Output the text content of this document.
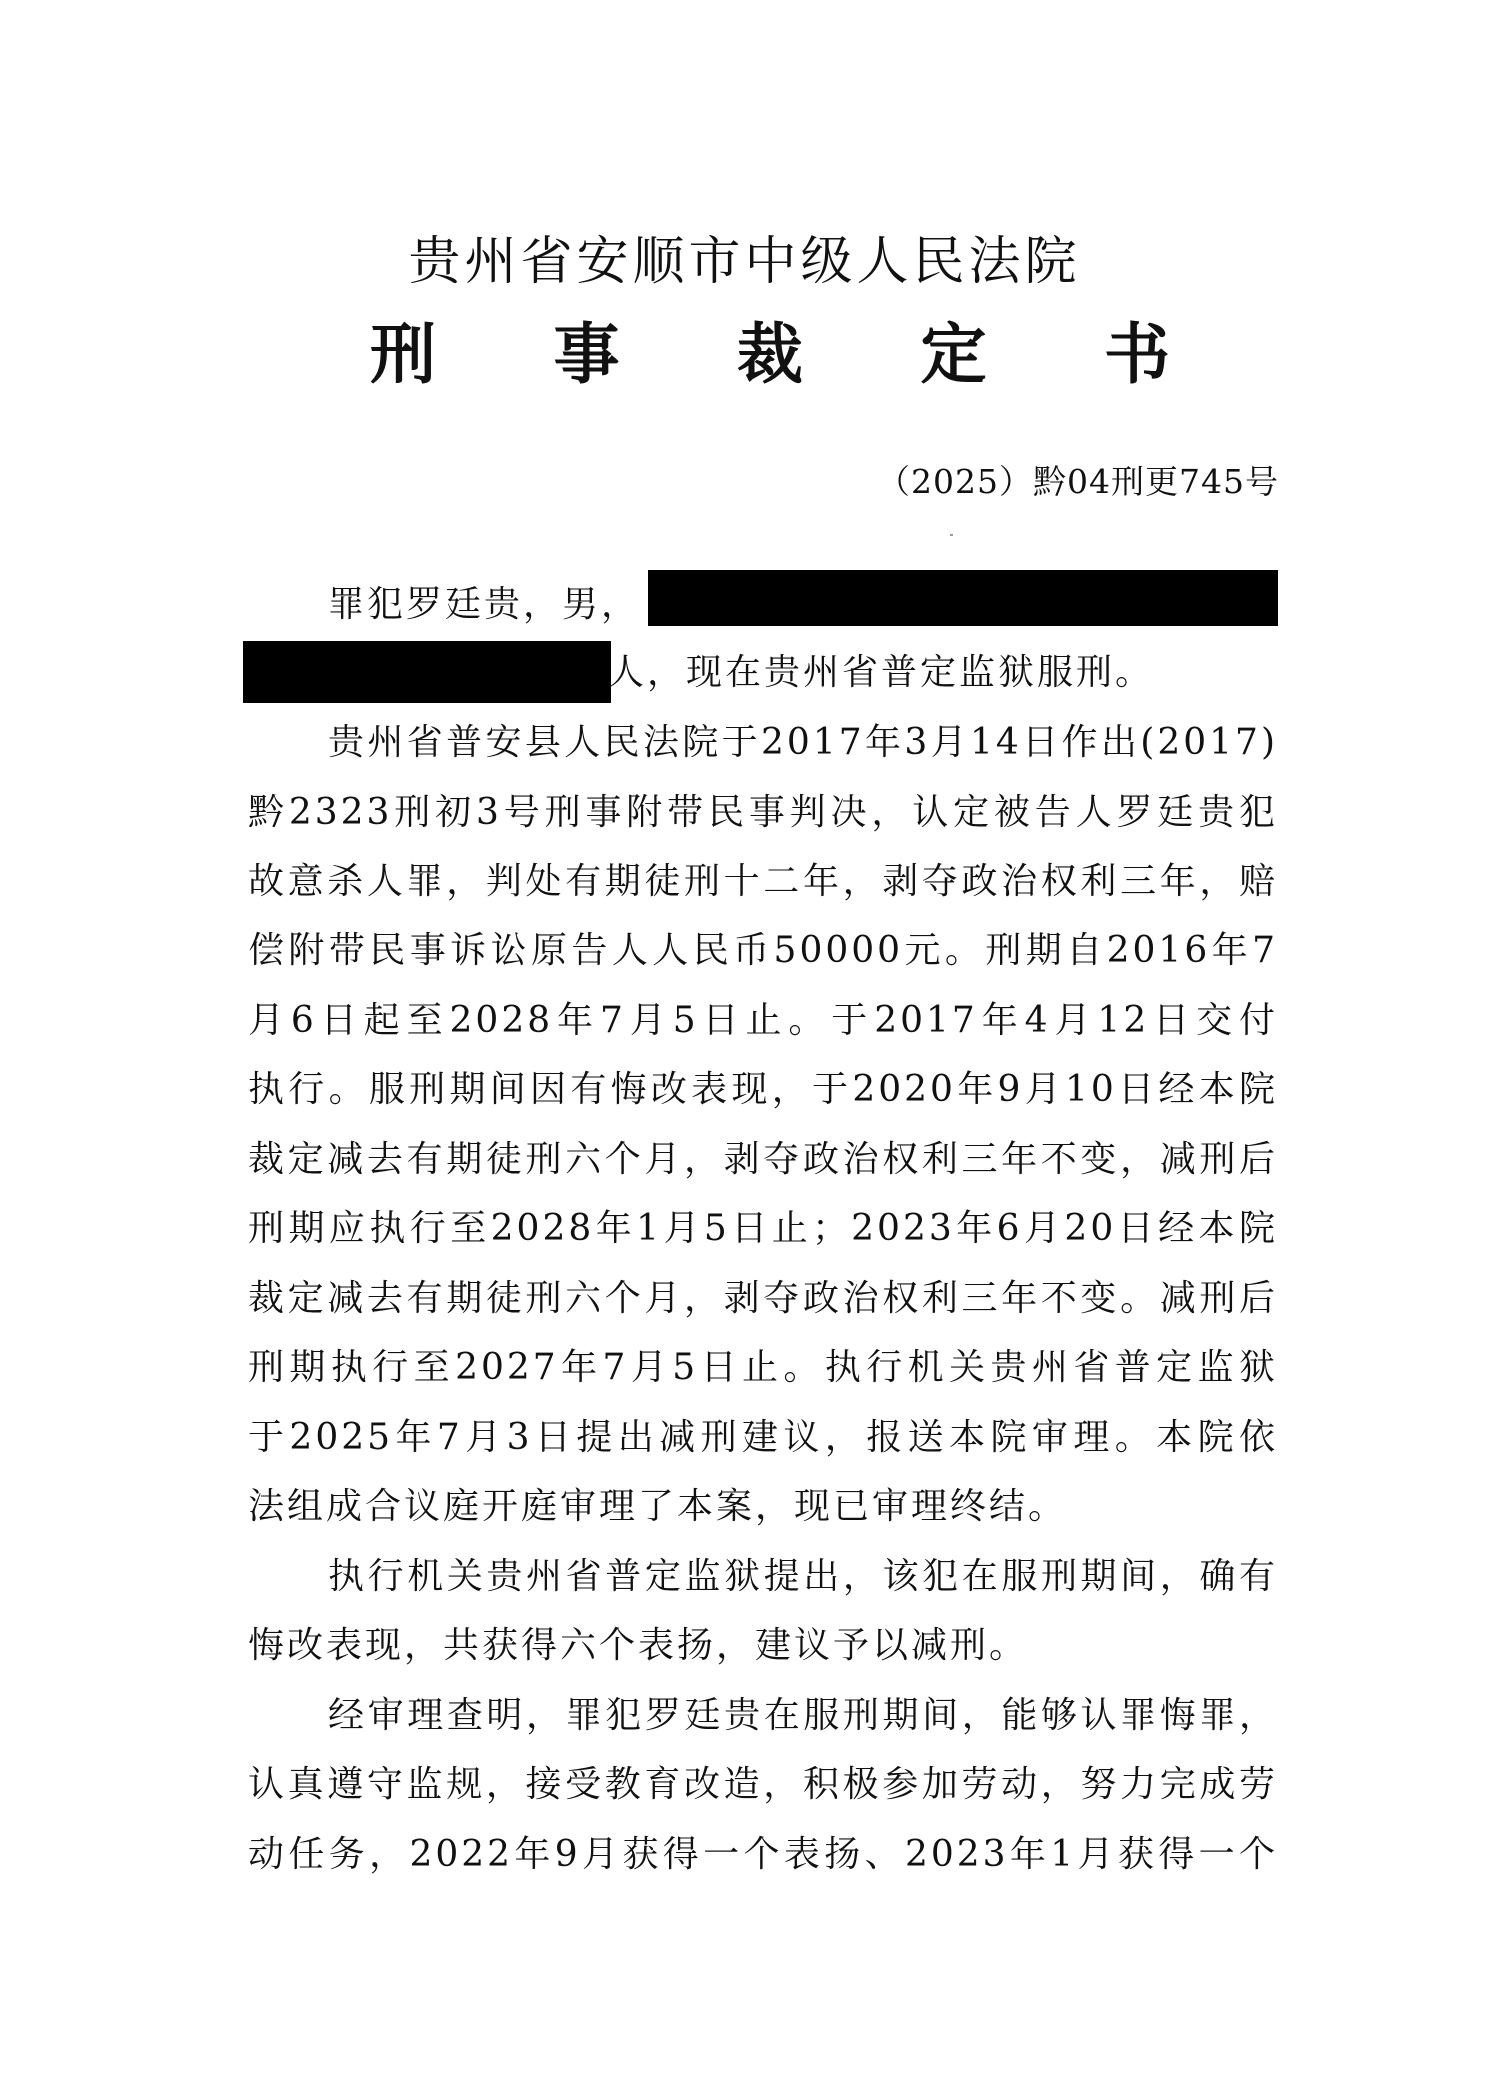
贵州省安顺市中级人民法院
刑 事 裁 定 书
（2025）黔04刑更745号
罪犯罗廷贵，男，
人，现在贵州省普定监狱服刑。
贵州省普安县人民法院于2017年3月14日作出(2017)
黔2323刑初3号刑事附带民事判决，认定被告人罗廷贵犯
故意杀人罪，判处有期徒刑十二年，剥夺政治权利三年，赔
偿附带民事诉讼原告人人民币50000元。刑期自2016年7
月6日起至2028年7月5日止。于2017年4月12日交付
执行。服刑期间因有悔改表现，于2020年9月10日经本院
裁定减去有期徒刑六个月，剥夺政治权利三年不变，减刑后
刑期应执行至2028年1月5日止；2023年6月20日经本院
裁定减去有期徒刑六个月，剥夺政治权利三年不变。减刑后
刑期执行至2027年7月5日止。执行机关贵州省普定监狱
于2025年7月3日提出减刑建议，报送本院审理。本院依
法组成合议庭开庭审理了本案，现已审理终结。
执行机关贵州省普定监狱提出，该犯在服刑期间，确有
悔改表现，共获得六个表扬，建议予以减刑。
经审理查明，罪犯罗廷贵在服刑期间，能够认罪悔罪，
认真遵守监规，接受教育改造，积极参加劳动，努力完成劳
动任务，2022年9月获得一个表扬、2023年1月获得一个
